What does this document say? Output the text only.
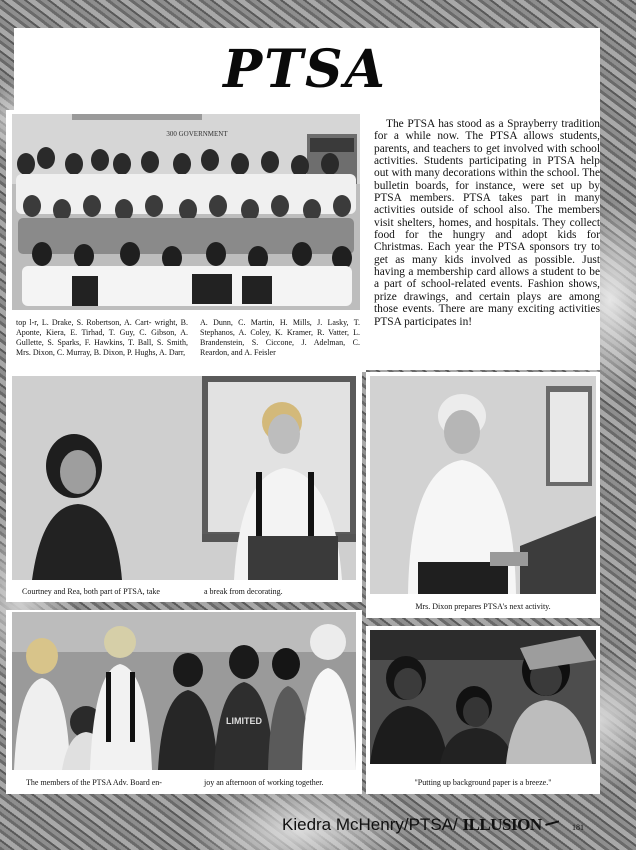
PTSA
The PTSA has stood as a Sprayberry tradition for a while now. The PTSA allows students, parents, and teachers to get involved with school activities. Students participating in PTSA help out with many decorations within the school. The bulletin boards, for instance, were set up by PTSA members. PTSA takes part in many activities outside of school also. The members visit shelters, homes, and hospitals. They collect food for the hungry and adopt kids for Christmas. Each year the PTSA sponsors try to get as many kids involved as possible. Just having a membership card allows a student to be a part of school-related events. Fashion shows, prize drawings, and certain plays are among those events. There are many exciting activities PTSA participates in!
300 GOVERNMENT
top l-r, L. Drake, S. Robertson, A. Cart- wright, B. Aponte, Kiera, E. Tirhad, T. Guy, C. Gibson, A. Gullette, S. Sparks, F. Hawkins, T. Ball, S. Smith, Mrs. Dixon, C. Murray, B. Dixon, P. Hughs, A. Darr,
A. Dunn, C. Martin, H. Mills, J. Lasky, T. Stephanos, A. Coley, K. Kramer, R. Vatter, L. Brandenstein, S. Ciccone, J. Adelman, C. Reardon, and A. Feisler
Courtney and Rea, both part of PTSA, take	a break from decorating.
Mrs. Dixon prepares PTSA's next activity.
LIMITED
The members of the PTSA Adv. Board en-	joy an afternoon of working together.	"Putting up background paper is a breeze."
Kiedra McHenry/PTSA/ ILLUSION	181
